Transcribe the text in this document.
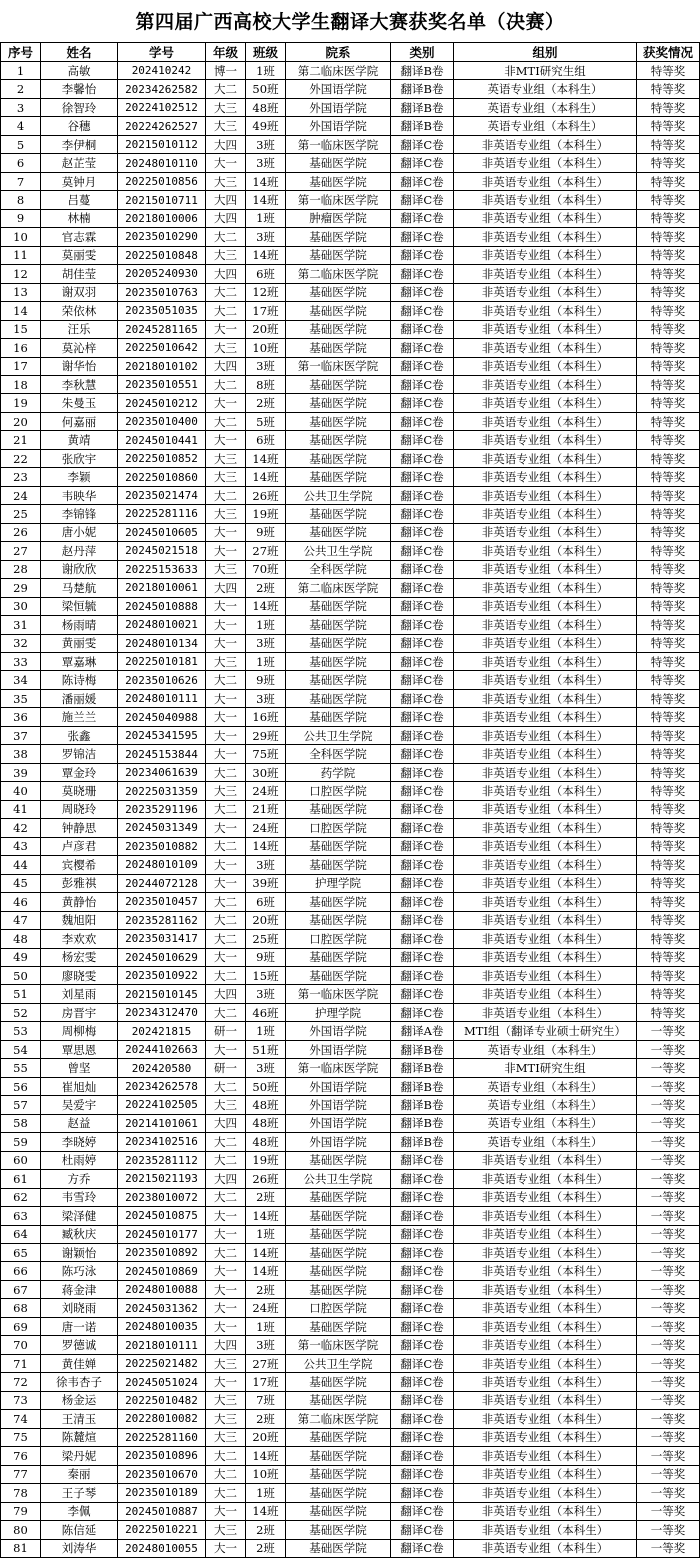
第四届广西高校大学生翻译大赛获奖名单（决赛）
序号	姓名	学号	年级	班级	院系	类别	组别	获奖情况
1	高敏	202410242	博一	1班	第二临床医学院	翻译B卷	非MTI研究生组	特等奖
2	李馨怡	20234262582	大二	50班	外国语学院	翻译B卷	英语专业组（本科生）	特等奖
3	徐智玲	20224102512	大三	48班	外国语学院	翻译B卷	英语专业组（本科生）	特等奖
4	谷穗	20224262527	大三	49班	外国语学院	翻译B卷	英语专业组（本科生）	特等奖
5	李伊桐	20215010112	大四	3班	第一临床医学院	翻译C卷	非英语专业组（本科生）	特等奖
6	赵芷莹	20248010110	大一	3班	基础医学院	翻译C卷	非英语专业组（本科生）	特等奖
7	莫钟月	20225010856	大三	14班	基础医学院	翻译C卷	非英语专业组（本科生）	特等奖
8	吕蔓	20215010711	大四	14班	第一临床医学院	翻译C卷	非英语专业组（本科生）	特等奖
9	林楠	20218010006	大四	1班	肿瘤医学院	翻译C卷	非英语专业组（本科生）	特等奖
10	官志霖	20235010290	大二	3班	基础医学院	翻译C卷	非英语专业组（本科生）	特等奖
11	莫丽雯	20225010848	大三	14班	基础医学院	翻译C卷	非英语专业组（本科生）	特等奖
12	胡佳莹	20205240930	大四	6班	第二临床医学院	翻译C卷	非英语专业组（本科生）	特等奖
13	谢双羽	20235010763	大二	12班	基础医学院	翻译C卷	非英语专业组（本科生）	特等奖
14	荣依林	20235051035	大二	17班	基础医学院	翻译C卷	非英语专业组（本科生）	特等奖
15	汪乐	20245281165	大一	20班	基础医学院	翻译C卷	非英语专业组（本科生）	特等奖
16	莫沁梓	20225010642	大三	10班	基础医学院	翻译C卷	非英语专业组（本科生）	特等奖
17	谢华怡	20218010102	大四	3班	第一临床医学院	翻译C卷	非英语专业组（本科生）	特等奖
18	李秋慧	20235010551	大二	8班	基础医学院	翻译C卷	非英语专业组（本科生）	特等奖
19	朱曼玉	20245010212	大一	2班	基础医学院	翻译C卷	非英语专业组（本科生）	特等奖
20	何嘉丽	20235010400	大二	5班	基础医学院	翻译C卷	非英语专业组（本科生）	特等奖
21	黄靖	20245010441	大一	6班	基础医学院	翻译C卷	非英语专业组（本科生）	特等奖
22	张欣宇	20225010852	大三	14班	基础医学院	翻译C卷	非英语专业组（本科生）	特等奖
23	李颖	20225010860	大三	14班	基础医学院	翻译C卷	非英语专业组（本科生）	特等奖
24	韦映华	20235021474	大二	26班	公共卫生学院	翻译C卷	非英语专业组（本科生）	特等奖
25	李锦锋	20225281116	大三	19班	基础医学院	翻译C卷	非英语专业组（本科生）	特等奖
26	唐小妮	20245010605	大一	9班	基础医学院	翻译C卷	非英语专业组（本科生）	特等奖
27	赵丹萍	20245021518	大一	27班	公共卫生学院	翻译C卷	非英语专业组（本科生）	特等奖
28	谢欣欣	20225153633	大三	70班	全科医学院	翻译C卷	非英语专业组（本科生）	特等奖
29	马楚航	20218010061	大四	2班	第二临床医学院	翻译C卷	非英语专业组（本科生）	特等奖
30	梁恒毓	20245010888	大一	14班	基础医学院	翻译C卷	非英语专业组（本科生）	特等奖
31	杨雨晴	20248010021	大一	1班	基础医学院	翻译C卷	非英语专业组（本科生）	特等奖
32	黄丽雯	20248010134	大一	3班	基础医学院	翻译C卷	非英语专业组（本科生）	特等奖
33	覃嘉琳	20225010181	大三	1班	基础医学院	翻译C卷	非英语专业组（本科生）	特等奖
34	陈诗梅	20235010626	大二	9班	基础医学院	翻译C卷	非英语专业组（本科生）	特等奖
35	潘丽媛	20248010111	大一	3班	基础医学院	翻译C卷	非英语专业组（本科生）	特等奖
36	施兰兰	20245040988	大一	16班	基础医学院	翻译C卷	非英语专业组（本科生）	特等奖
37	张鑫	20245341595	大一	29班	公共卫生学院	翻译C卷	非英语专业组（本科生）	特等奖
38	罗锦洁	20245153844	大一	75班	全科医学院	翻译C卷	非英语专业组（本科生）	特等奖
39	覃金玲	20234061639	大二	30班	药学院	翻译C卷	非英语专业组（本科生）	特等奖
40	莫晓珊	20225031359	大三	24班	口腔医学院	翻译C卷	非英语专业组（本科生）	特等奖
41	周晓玲	20235291196	大二	21班	基础医学院	翻译C卷	非英语专业组（本科生）	特等奖
42	钟静思	20245031349	大一	24班	口腔医学院	翻译C卷	非英语专业组（本科生）	特等奖
43	卢彦君	20235010882	大二	14班	基础医学院	翻译C卷	非英语专业组（本科生）	特等奖
44	宾樱希	20248010109	大一	3班	基础医学院	翻译C卷	非英语专业组（本科生）	特等奖
45	彭雅祺	20244072128	大一	39班	护理学院	翻译C卷	非英语专业组（本科生）	特等奖
46	黄静怡	20235010457	大二	6班	基础医学院	翻译C卷	非英语专业组（本科生）	特等奖
47	魏旭阳	20235281162	大二	20班	基础医学院	翻译C卷	非英语专业组（本科生）	特等奖
48	李欢欢	20235031417	大二	25班	口腔医学院	翻译C卷	非英语专业组（本科生）	特等奖
49	杨宏雯	20245010629	大一	9班	基础医学院	翻译C卷	非英语专业组（本科生）	特等奖
50	廖晓雯	20235010922	大二	15班	基础医学院	翻译C卷	非英语专业组（本科生）	特等奖
51	刘星雨	20215010145	大四	3班	第一临床医学院	翻译C卷	非英语专业组（本科生）	特等奖
52	房晋宇	20234312470	大二	46班	护理学院	翻译C卷	非英语专业组（本科生）	特等奖
53	周柳梅	202421815	研一	1班	外国语学院	翻译A卷	MTI组（翻译专业硕士研究生）	一等奖
54	覃思恩	20244102663	大一	51班	外国语学院	翻译B卷	英语专业组（本科生）	一等奖
55	曾坚	202420580	研一	3班	第一临床医学院	翻译B卷	非MTI研究生组	一等奖
56	崔旭灿	20234262578	大二	50班	外国语学院	翻译B卷	英语专业组（本科生）	一等奖
57	吴爱宇	20224102505	大三	48班	外国语学院	翻译B卷	英语专业组（本科生）	一等奖
58	赵益	20214101061	大四	48班	外国语学院	翻译B卷	英语专业组（本科生）	一等奖
59	李晓婷	20234102516	大二	48班	外国语学院	翻译B卷	英语专业组（本科生）	一等奖
60	杜雨婷	20235281112	大二	19班	基础医学院	翻译C卷	非英语专业组（本科生）	一等奖
61	方乔	20215021193	大四	26班	公共卫生学院	翻译C卷	非英语专业组（本科生）	一等奖
62	韦雪玲	20238010072	大二	2班	基础医学院	翻译C卷	非英语专业组（本科生）	一等奖
63	梁泽健	20245010875	大一	14班	基础医学院	翻译C卷	非英语专业组（本科生）	一等奖
64	臧秋庆	20245010177	大一	1班	基础医学院	翻译C卷	非英语专业组（本科生）	一等奖
65	谢颖怡	20235010892	大二	14班	基础医学院	翻译C卷	非英语专业组（本科生）	一等奖
66	陈巧泳	20245010869	大一	14班	基础医学院	翻译C卷	非英语专业组（本科生）	一等奖
67	蒋金津	20248010088	大一	2班	基础医学院	翻译C卷	非英语专业组（本科生）	一等奖
68	刘晓雨	20245031362	大一	24班	口腔医学院	翻译C卷	非英语专业组（本科生）	一等奖
69	唐一诺	20248010035	大一	1班	基础医学院	翻译C卷	非英语专业组（本科生）	一等奖
70	罗德诚	20218010111	大四	3班	第一临床医学院	翻译C卷	非英语专业组（本科生）	一等奖
71	黄佳婵	20225021482	大三	27班	公共卫生学院	翻译C卷	非英语专业组（本科生）	一等奖
72	徐韦杏子	20245051024	大一	17班	基础医学院	翻译C卷	非英语专业组（本科生）	一等奖
73	杨金运	20225010482	大三	7班	基础医学院	翻译C卷	非英语专业组（本科生）	一等奖
74	王清玉	20228010082	大三	2班	第二临床医学院	翻译C卷	非英语专业组（本科生）	一等奖
75	陈麓煊	20225281160	大三	20班	基础医学院	翻译C卷	非英语专业组（本科生）	一等奖
76	梁丹妮	20235010896	大二	14班	基础医学院	翻译C卷	非英语专业组（本科生）	一等奖
77	秦丽	20235010670	大二	10班	基础医学院	翻译C卷	非英语专业组（本科生）	一等奖
78	王子琴	20235010189	大二	1班	基础医学院	翻译C卷	非英语专业组（本科生）	一等奖
79	李佩	20245010887	大一	14班	基础医学院	翻译C卷	非英语专业组（本科生）	一等奖
80	陈信延	20225010221	大三	2班	基础医学院	翻译C卷	非英语专业组（本科生）	一等奖
81	刘涛华	20248010055	大一	2班	基础医学院	翻译C卷	非英语专业组（本科生）	一等奖
